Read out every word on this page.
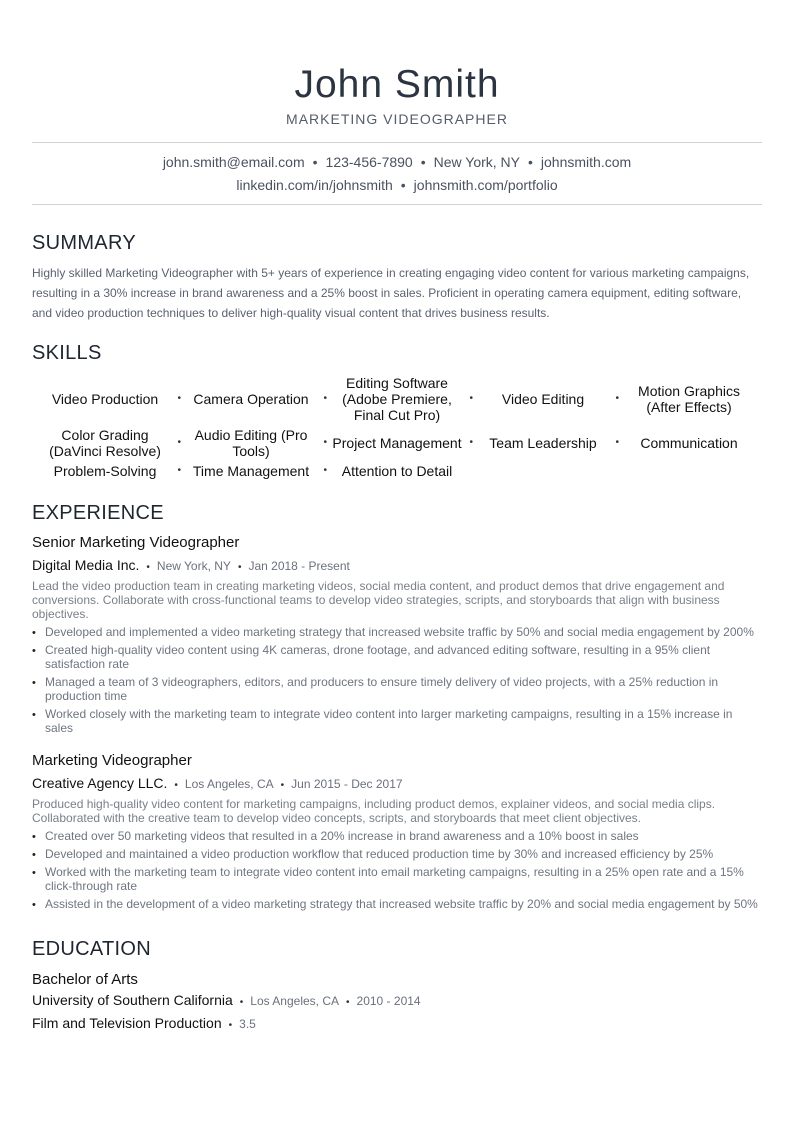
John Smith
MARKETING VIDEOGRAPHER
john.smith@email.com • 123-456-7890 • New York, NY • johnsmith.com
linkedin.com/in/johnsmith • johnsmith.com/portfolio
SUMMARY

Highly skilled Marketing Videographer with 5+ years of experience in creating engaging video content for various marketing campaigns, resulting in a 30% increase in brand awareness and a 25% boost in sales. Proficient in operating camera equipment, editing software, and video production techniques to deliver high-quality visual content that drives business results.

SKILLS
Video Production • Camera Operation •
Editing Software (Adobe Premiere, Final Cut Pro)
• Video Editing	•	Motion Graphics (After Effects)
Color Grading (DaVinci Resolve)
• Audio Editing (Pro Tools)
• Project Management • Team Leadership • Communication
Problem-Solving • Time Management • Attention to Detail
EXPERIENCE
Senior Marketing Videographer
Digital Media Inc. • New York, NY • Jan 2018 - Present

Lead the video production team in creating marketing videos, social media content, and product demos that drive engagement and conversions. Collaborate with cross-functional teams to develop video strategies, scripts, and storyboards that align with business objectives.

• Developed and implemented a video marketing strategy that increased website traffic by 50% and social media engagement by 200%
• Created high-quality video content using 4K cameras, drone footage, and advanced editing software, resulting in a 95% client satisfaction rate
• Managed a team of 3 videographers, editors, and producers to ensure timely delivery of video projects, with a 25% reduction in production time
• Worked closely with the marketing team to integrate video content into larger marketing campaigns, resulting in a 15% increase in sales
Marketing Videographer
Creative Agency LLC. • Los Angeles, CA • Jun 2015 - Dec 2017

Produced high-quality video content for marketing campaigns, including product demos, explainer videos, and social media clips. Collaborated with the creative team to develop video concepts, scripts, and storyboards that meet client objectives.

• Created over 50 marketing videos that resulted in a 20% increase in brand awareness and a 10% boost in sales
• Developed and maintained a video production workflow that reduced production time by 30% and increased efficiency by 25%
• Worked with the marketing team to integrate video content into email marketing campaigns, resulting in a 25% open rate and a 15% click-through rate
• Assisted in the development of a video marketing strategy that increased website traffic by 20% and social media engagement by 50%
EDUCATION
Bachelor of Arts
University of Southern California • Los Angeles, CA • 2010 - 2014
Film and Television Production • 3.5
